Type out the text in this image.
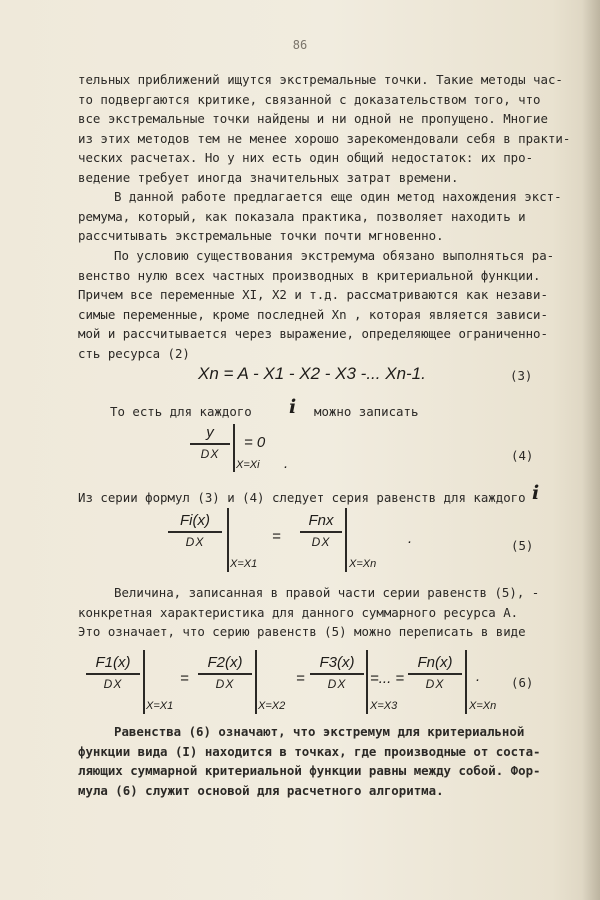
86
тельных приближений ищутся экстремальные точки. Такие методы час-
то подвергаются критике, связанной с доказательством того, что
все экстремальные точки найдены и ни одной не пропущено. Многие
из этих методов тем не менее хорошо зарекомендовали себя в практи-
ческих расчетах. Но у них есть один общий недостаток: их про-
ведение требует иногда значительных затрат времени.
В данной работе предлагается еще один метод нахождения экст-
ремума, который, как показала практика, позволяет находить и
рассчитывать экстремальные точки почти мгновенно.
По условию существования экстремума обязано выполняться ра-
венство нулю всех частных производных в критериальной функции.
Причем все переменные XI, X2 и т.д. рассматриваются как незави-
симые переменные, кроме последней Xn , которая является зависи-
мой и рассчитывается через выражение, определяющее ограниченно-
сть ресурса (2)
Xn = A - X1 - X2 - X3 -... Xn-1.	(3)
То есть для каждого	i можно записать
y
DX
= 0
X=Xi .	(4)
Из серии формул (3) и (4) следует серия равенств для каждого i
Fi(x)
DX
X=X1
=
Fnx
DX
X=Xn
.	(5)
Величина, записанная в правой части серии равенств (5), -
конкретная характеристика для данного суммарного ресурса А.
Это означает, что серию равенств (5) можно переписать в виде
F1(x)
DX
X=X1
=
F2(x)
DX
X=X2
=
F3(x)
DX
X=X3
=... =
Fn(x)
DX
X=Xn
. (6)
Равенства (6) означают, что экстремум для критериальной
функции вида (I) находится в точках, где производные от соста-
ляющих суммарной критериальной функции равны между собой. Фор-
мула (6) служит основой для расчетного алгоритма.
